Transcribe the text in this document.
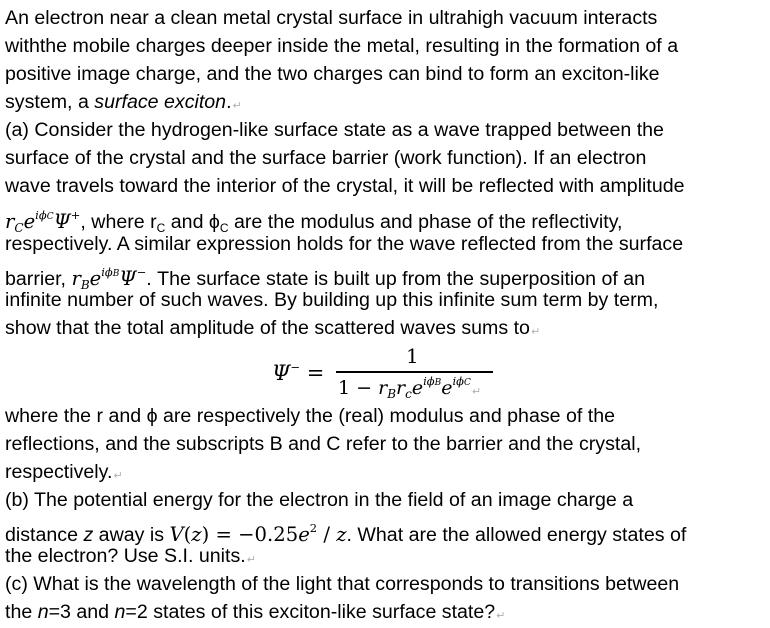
An electron near a clean metal crystal surface in ultrahigh vacuum interacts
withthe mobile charges deeper inside the metal, resulting in the formation of a
positive image charge, and the two charges can bind to form an exciton-like
system, a surface exciton.↵
(a) Consider the hydrogen-like surface state as a wave trapped between the
surface of the crystal and the surface barrier (work function). If an electron
wave travels toward the interior of the crystal, it will be reflected with amplitude
$r_Ce^{i\phi C}\Psi^+$, where $r_C$ and $\phi_C$ are the modulus and phase of the reflectivity,
respectively. A similar expression holds for the wave reflected from the surface
barrier, $r_Be^{i\phi B}\Psi^-$. The surface state is built up from the superposition of an
infinite number of such waves. By building up this infinite sum term by term,
show that the total amplitude of the scattered waves sums to↵
Ψ− =
1
$1 - r_Br_ce^{i\phi B}e^{i\phi C}↵$
where the r and ϕ are respectively the (real) modulus and phase of the
reflections, and the subscripts B and C refer to the barrier and the crystal,
respectively.↵
(b) The potential energy for the electron in the field of an image charge a
distance z away is $V(z) = -0.25e^2 / z$. What are the allowed energy states of
the electron? Use S.I. units.↵
(c) What is the wavelength of the light that corresponds to transitions between
the n=3 and n=2 states of this exciton-like surface state?↵
